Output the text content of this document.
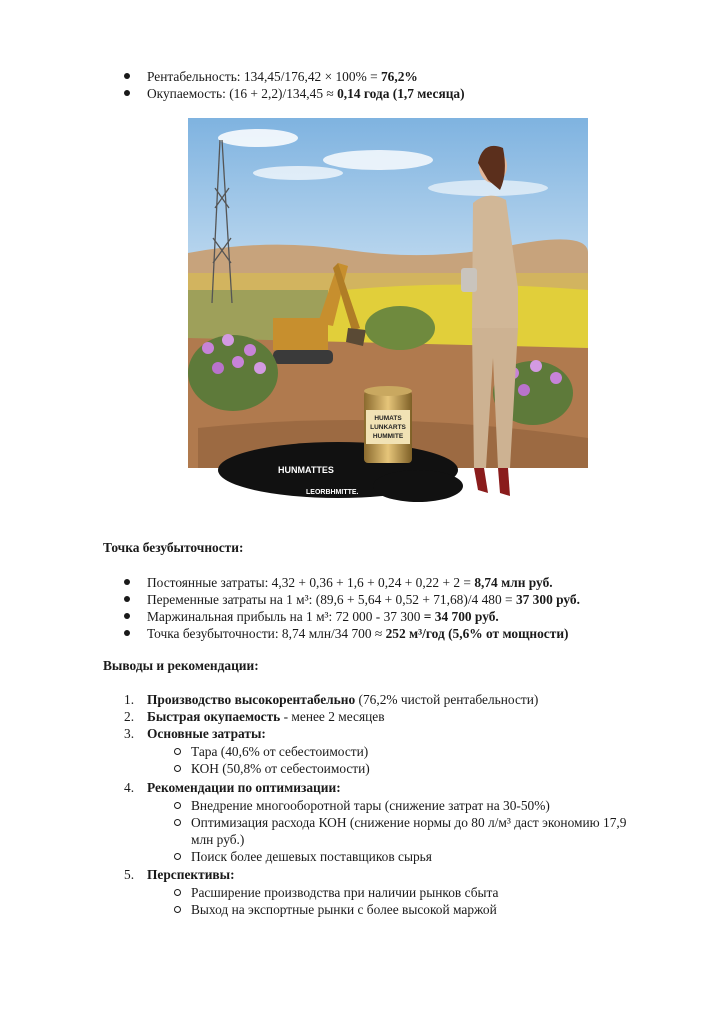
Рентабельность: 134,45/176,42 × 100% = 76,2%
Окупаемость: (16 + 2,2)/134,45 ≈ 0,14 года (1,7 месяца)
HUNMATTES
LEORBHMITTE.
HUMATS
LUNKARTS
HUMMITE
Точка безубыточности:
Постоянные затраты: 4,32 + 0,36 + 1,6 + 0,24 + 0,22 + 2 = 8,74 млн руб.
Переменные затраты на 1 м³: (89,6 + 5,64 + 0,52 + 71,68)/4 480 = 37 300 руб.
Маржинальная прибыль на 1 м³: 72 000 - 37 300 = 34 700 руб.
Точка безубыточности: 8,74 млн/34 700 ≈ 252 м³/год (5,6% от мощности)
Выводы и рекомендации:
1. Производство высокорентабельно (76,2% чистой рентабельности)
2. Быстрая окупаемость - менее 2 месяцев
3. Основные затраты:
Тара (40,6% от себестоимости)
КОН (50,8% от себестоимости)
4. Рекомендации по оптимизации:
Внедрение многооборотной тары (снижение затрат на 30-50%)
Оптимизация расхода КОН (снижение нормы до 80 л/м³ даст экономию 17,9
млн руб.)
Поиск более дешевых поставщиков сырья
5. Перспективы:
Расширение производства при наличии рынков сбыта
Выход на экспортные рынки с более высокой маржой
